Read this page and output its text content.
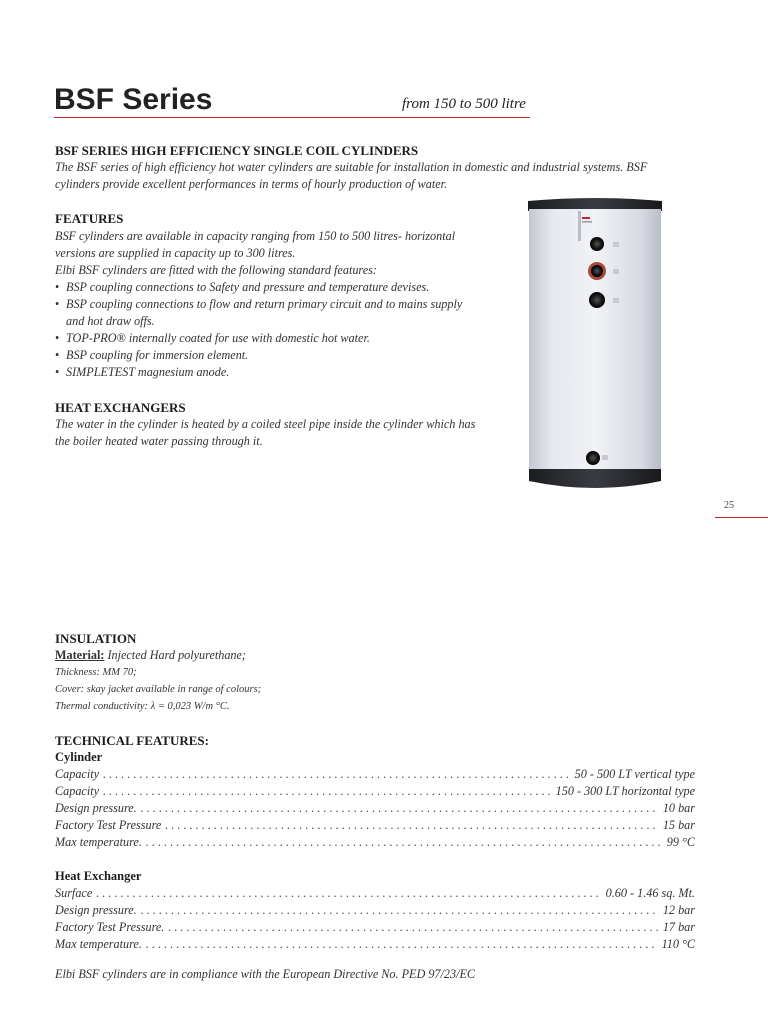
BSF Series	from 150 to 500 litre
BSF SERIES HIGH EFFICIENCY SINGLE COIL CYLINDERS
The BSF series of high efficiency hot water cylinders are suitable for installation in domestic and industrial systems. BSF
cylinders provide excellent performances in terms of hourly production of water.
FEATURES
BSF cylinders are available in capacity ranging from 150 to 500 litres- horizontal
versions are supplied in capacity up to 300 litres.
Elbi BSF cylinders are fitted with the following standard features:
• BSP coupling connections to Safety and pressure and temperature devises.
• BSP coupling connections to flow and return primary circuit and to mains supply
and hot draw offs.
• TOP-PRO® internally coated for use with domestic hot water.
• BSP coupling for immersion element.
• SIMPLETEST magnesium anode.
HEAT EXCHANGERS
The water in the cylinder is heated by a coiled steel pipe inside the cylinder which has
the boiler heated water passing through it.
25
INSULATION
Material: Injected Hard polyurethane;
Thickness: MM 70;
Cover: skay jacket available in range of colours;
Thermal conductivity: λ = 0,023 W/m °C.
TECHNICAL FEATURES:
Cylinder
Capacity . . .	50 - 500 LT vertical type
Capacity . . .	150 - 300 LT horizontal type
Design pressure. . . .	10 bar
Factory Test Pressure . . .	15 bar
Max temperature. . . .	99 °C
Heat Exchanger
Surface . . .	0.60 - 1.46 sq. Mt.
Design pressure. . . .	12 bar
Factory Test Pressure. . . .	17 bar
Max temperature. . . .	110 °C
Elbi BSF cylinders are in compliance with the European Directive No. PED 97/23/EC
